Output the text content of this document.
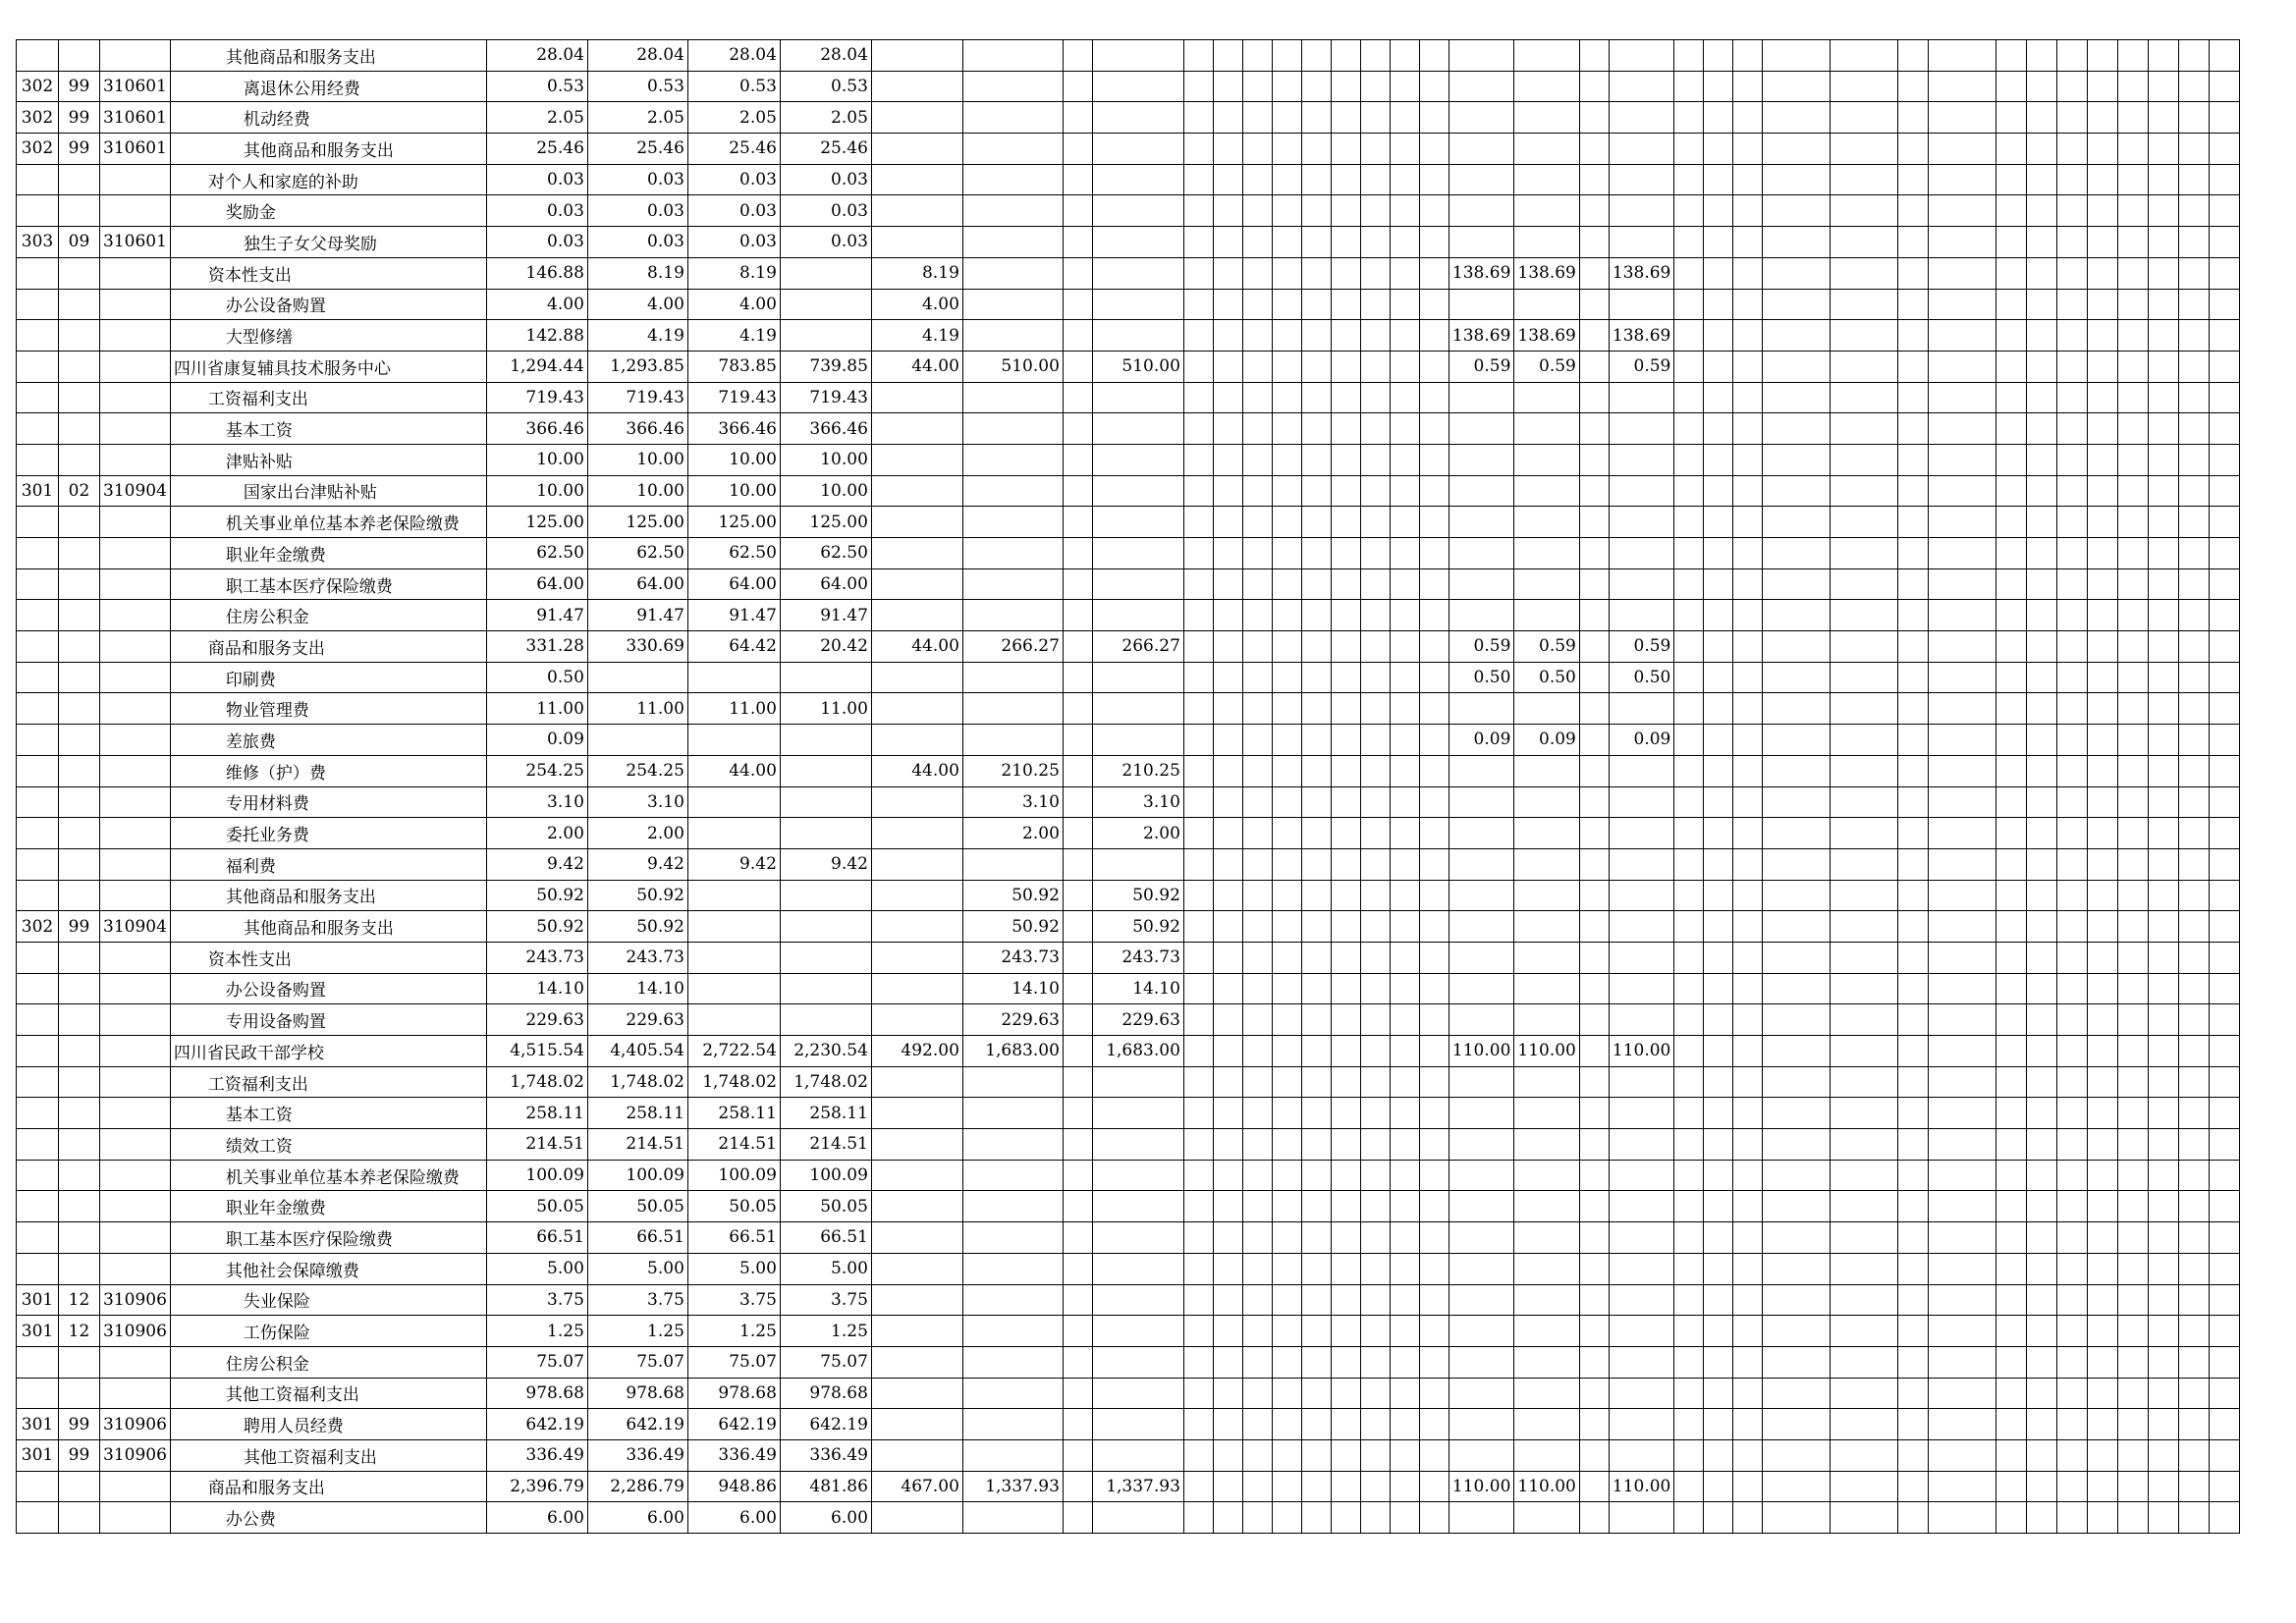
			其他商品和服务支出	28.04	28.04	28.04	28.04																																
302	99	310601	离退休公用经费	0.53	0.53	0.53	0.53																																
302	99	310601	机动经费	2.05	2.05	2.05	2.05																																
302	99	310601	其他商品和服务支出	25.46	25.46	25.46	25.46																																
			对个人和家庭的补助	0.03	0.03	0.03	0.03																																
			奖励金	0.03	0.03	0.03	0.03																																
303	09	310601	独生子女父母奖励	0.03	0.03	0.03	0.03																																
			资本性支出	146.88	8.19	8.19		8.19													138.69	138.69		138.69															
			办公设备购置	4.00	4.00	4.00		4.00																															
			大型修缮	142.88	4.19	4.19		4.19													138.69	138.69		138.69															
			四川省康复辅具技术服务中心	1,294.44	1,293.85	783.85	739.85	44.00	510.00		510.00										0.59	0.59		0.59															
			工资福利支出	719.43	719.43	719.43	719.43																																
			基本工资	366.46	366.46	366.46	366.46																																
			津贴补贴	10.00	10.00	10.00	10.00																																
301	02	310904	国家出台津贴补贴	10.00	10.00	10.00	10.00																																
			机关事业单位基本养老保险缴费	125.00	125.00	125.00	125.00																																
			职业年金缴费	62.50	62.50	62.50	62.50																																
			职工基本医疗保险缴费	64.00	64.00	64.00	64.00																																
			住房公积金	91.47	91.47	91.47	91.47																																
			商品和服务支出	331.28	330.69	64.42	20.42	44.00	266.27		266.27										0.59	0.59		0.59															
			印刷费	0.50																	0.50	0.50		0.50															
			物业管理费	11.00	11.00	11.00	11.00																																
			差旅费	0.09																	0.09	0.09		0.09															
			维修（护）费	254.25	254.25	44.00		44.00	210.25		210.25																												
			专用材料费	3.10	3.10				3.10		3.10																												
			委托业务费	2.00	2.00				2.00		2.00																												
			福利费	9.42	9.42	9.42	9.42																																
			其他商品和服务支出	50.92	50.92				50.92		50.92																												
302	99	310904	其他商品和服务支出	50.92	50.92				50.92		50.92																												
			资本性支出	243.73	243.73				243.73		243.73																												
			办公设备购置	14.10	14.10				14.10		14.10																												
			专用设备购置	229.63	229.63				229.63		229.63																												
			四川省民政干部学校	4,515.54	4,405.54	2,722.54	2,230.54	492.00	1,683.00		1,683.00										110.00	110.00		110.00															
			工资福利支出	1,748.02	1,748.02	1,748.02	1,748.02																																
			基本工资	258.11	258.11	258.11	258.11																																
			绩效工资	214.51	214.51	214.51	214.51																																
			机关事业单位基本养老保险缴费	100.09	100.09	100.09	100.09																																
			职业年金缴费	50.05	50.05	50.05	50.05																																
			职工基本医疗保险缴费	66.51	66.51	66.51	66.51																																
			其他社会保障缴费	5.00	5.00	5.00	5.00																																
301	12	310906	失业保险	3.75	3.75	3.75	3.75																																
301	12	310906	工伤保险	1.25	1.25	1.25	1.25																																
			住房公积金	75.07	75.07	75.07	75.07																																
			其他工资福利支出	978.68	978.68	978.68	978.68																																
301	99	310906	聘用人员经费	642.19	642.19	642.19	642.19																																
301	99	310906	其他工资福利支出	336.49	336.49	336.49	336.49																																
			商品和服务支出	2,396.79	2,286.79	948.86	481.86	467.00	1,337.93		1,337.93										110.00	110.00		110.00															
			办公费	6.00	6.00	6.00	6.00																																
